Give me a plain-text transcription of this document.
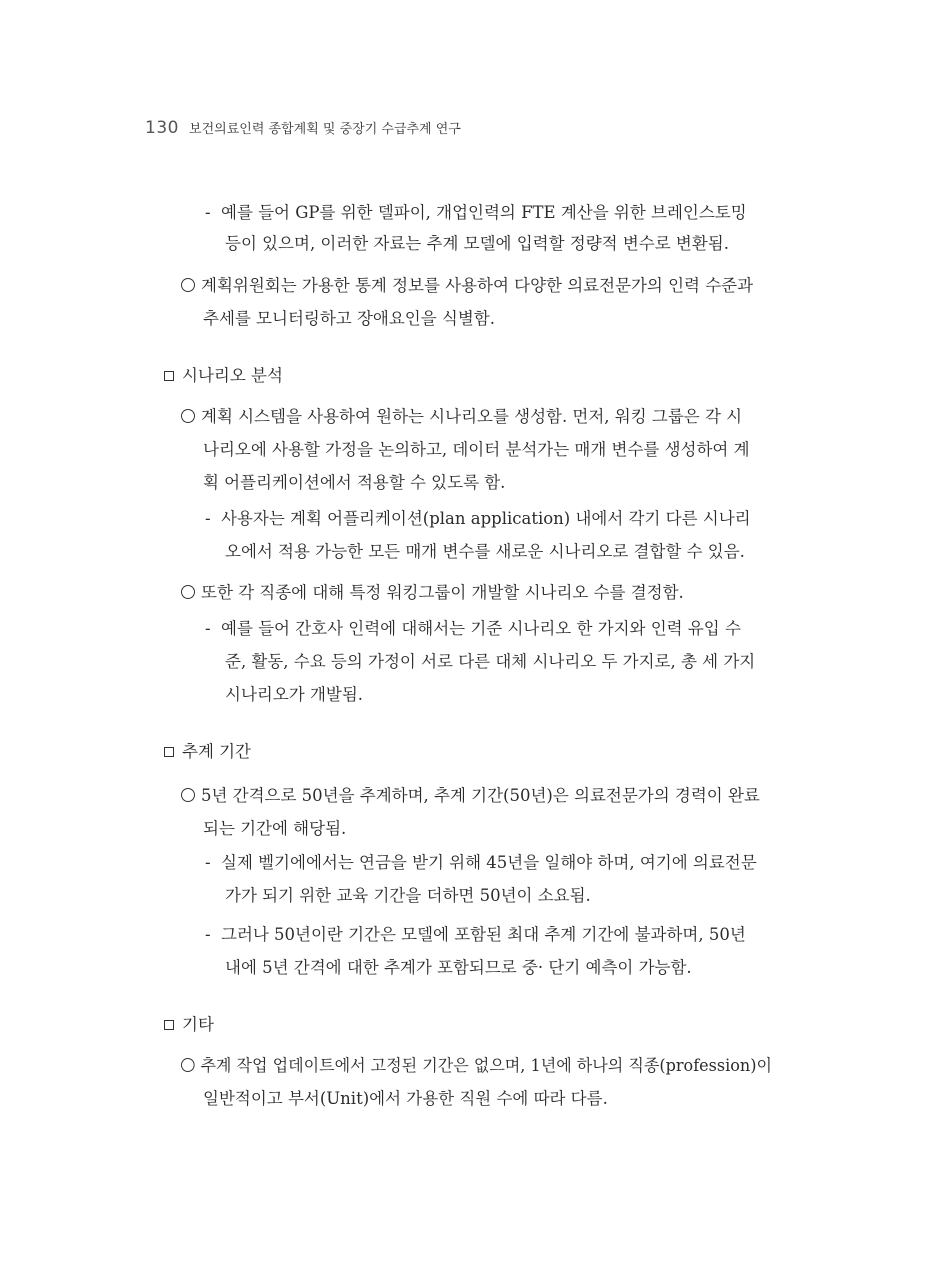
130 보건의료인력 종합계획 및 중장기 수급추계 연구
- 예를 들어 GP를 위한 델파이, 개업인력의 FTE 계산을 위한 브레인스토밍
등이 있으며, 이러한 자료는 추계 모델에 입력할 정량적 변수로 변환됨.
계획위원회는 가용한 통계 정보를 사용하여 다양한 의료전문가의 인력 수준과
추세를 모니터링하고 장애요인을 식별함.
시나리오 분석
계획 시스템을 사용하여 원하는 시나리오를 생성함. 먼저, 워킹 그룹은 각 시
나리오에 사용할 가정을 논의하고, 데이터 분석가는 매개 변수를 생성하여 계
획 어플리케이션에서 적용할 수 있도록 함.
- 사용자는 계획 어플리케이션(plan application) 내에서 각기 다른 시나리
오에서 적용 가능한 모든 매개 변수를 새로운 시나리오로 결합할 수 있음.
또한 각 직종에 대해 특정 워킹그룹이 개발할 시나리오 수를 결정함.
- 예를 들어 간호사 인력에 대해서는 기준 시나리오 한 가지와 인력 유입 수
준, 활동, 수요 등의 가정이 서로 다른 대체 시나리오 두 가지로, 총 세 가지
시나리오가 개발됨.
추계 기간
5년 간격으로 50년을 추계하며, 추계 기간(50년)은 의료전문가의 경력이 완료
되는 기간에 해당됨.
- 실제 벨기에에서는 연금을 받기 위해 45년을 일해야 하며, 여기에 의료전문
가가 되기 위한 교육 기간을 더하면 50년이 소요됨.
- 그러나 50년이란 기간은 모델에 포함된 최대 추계 기간에 불과하며, 50년
내에 5년 간격에 대한 추계가 포함되므로 중· 단기 예측이 가능함.
기타
추계 작업 업데이트에서 고정된 기간은 없으며, 1년에 하나의 직종(profession)이
일반적이고 부서(Unit)에서 가용한 직원 수에 따라 다름.
